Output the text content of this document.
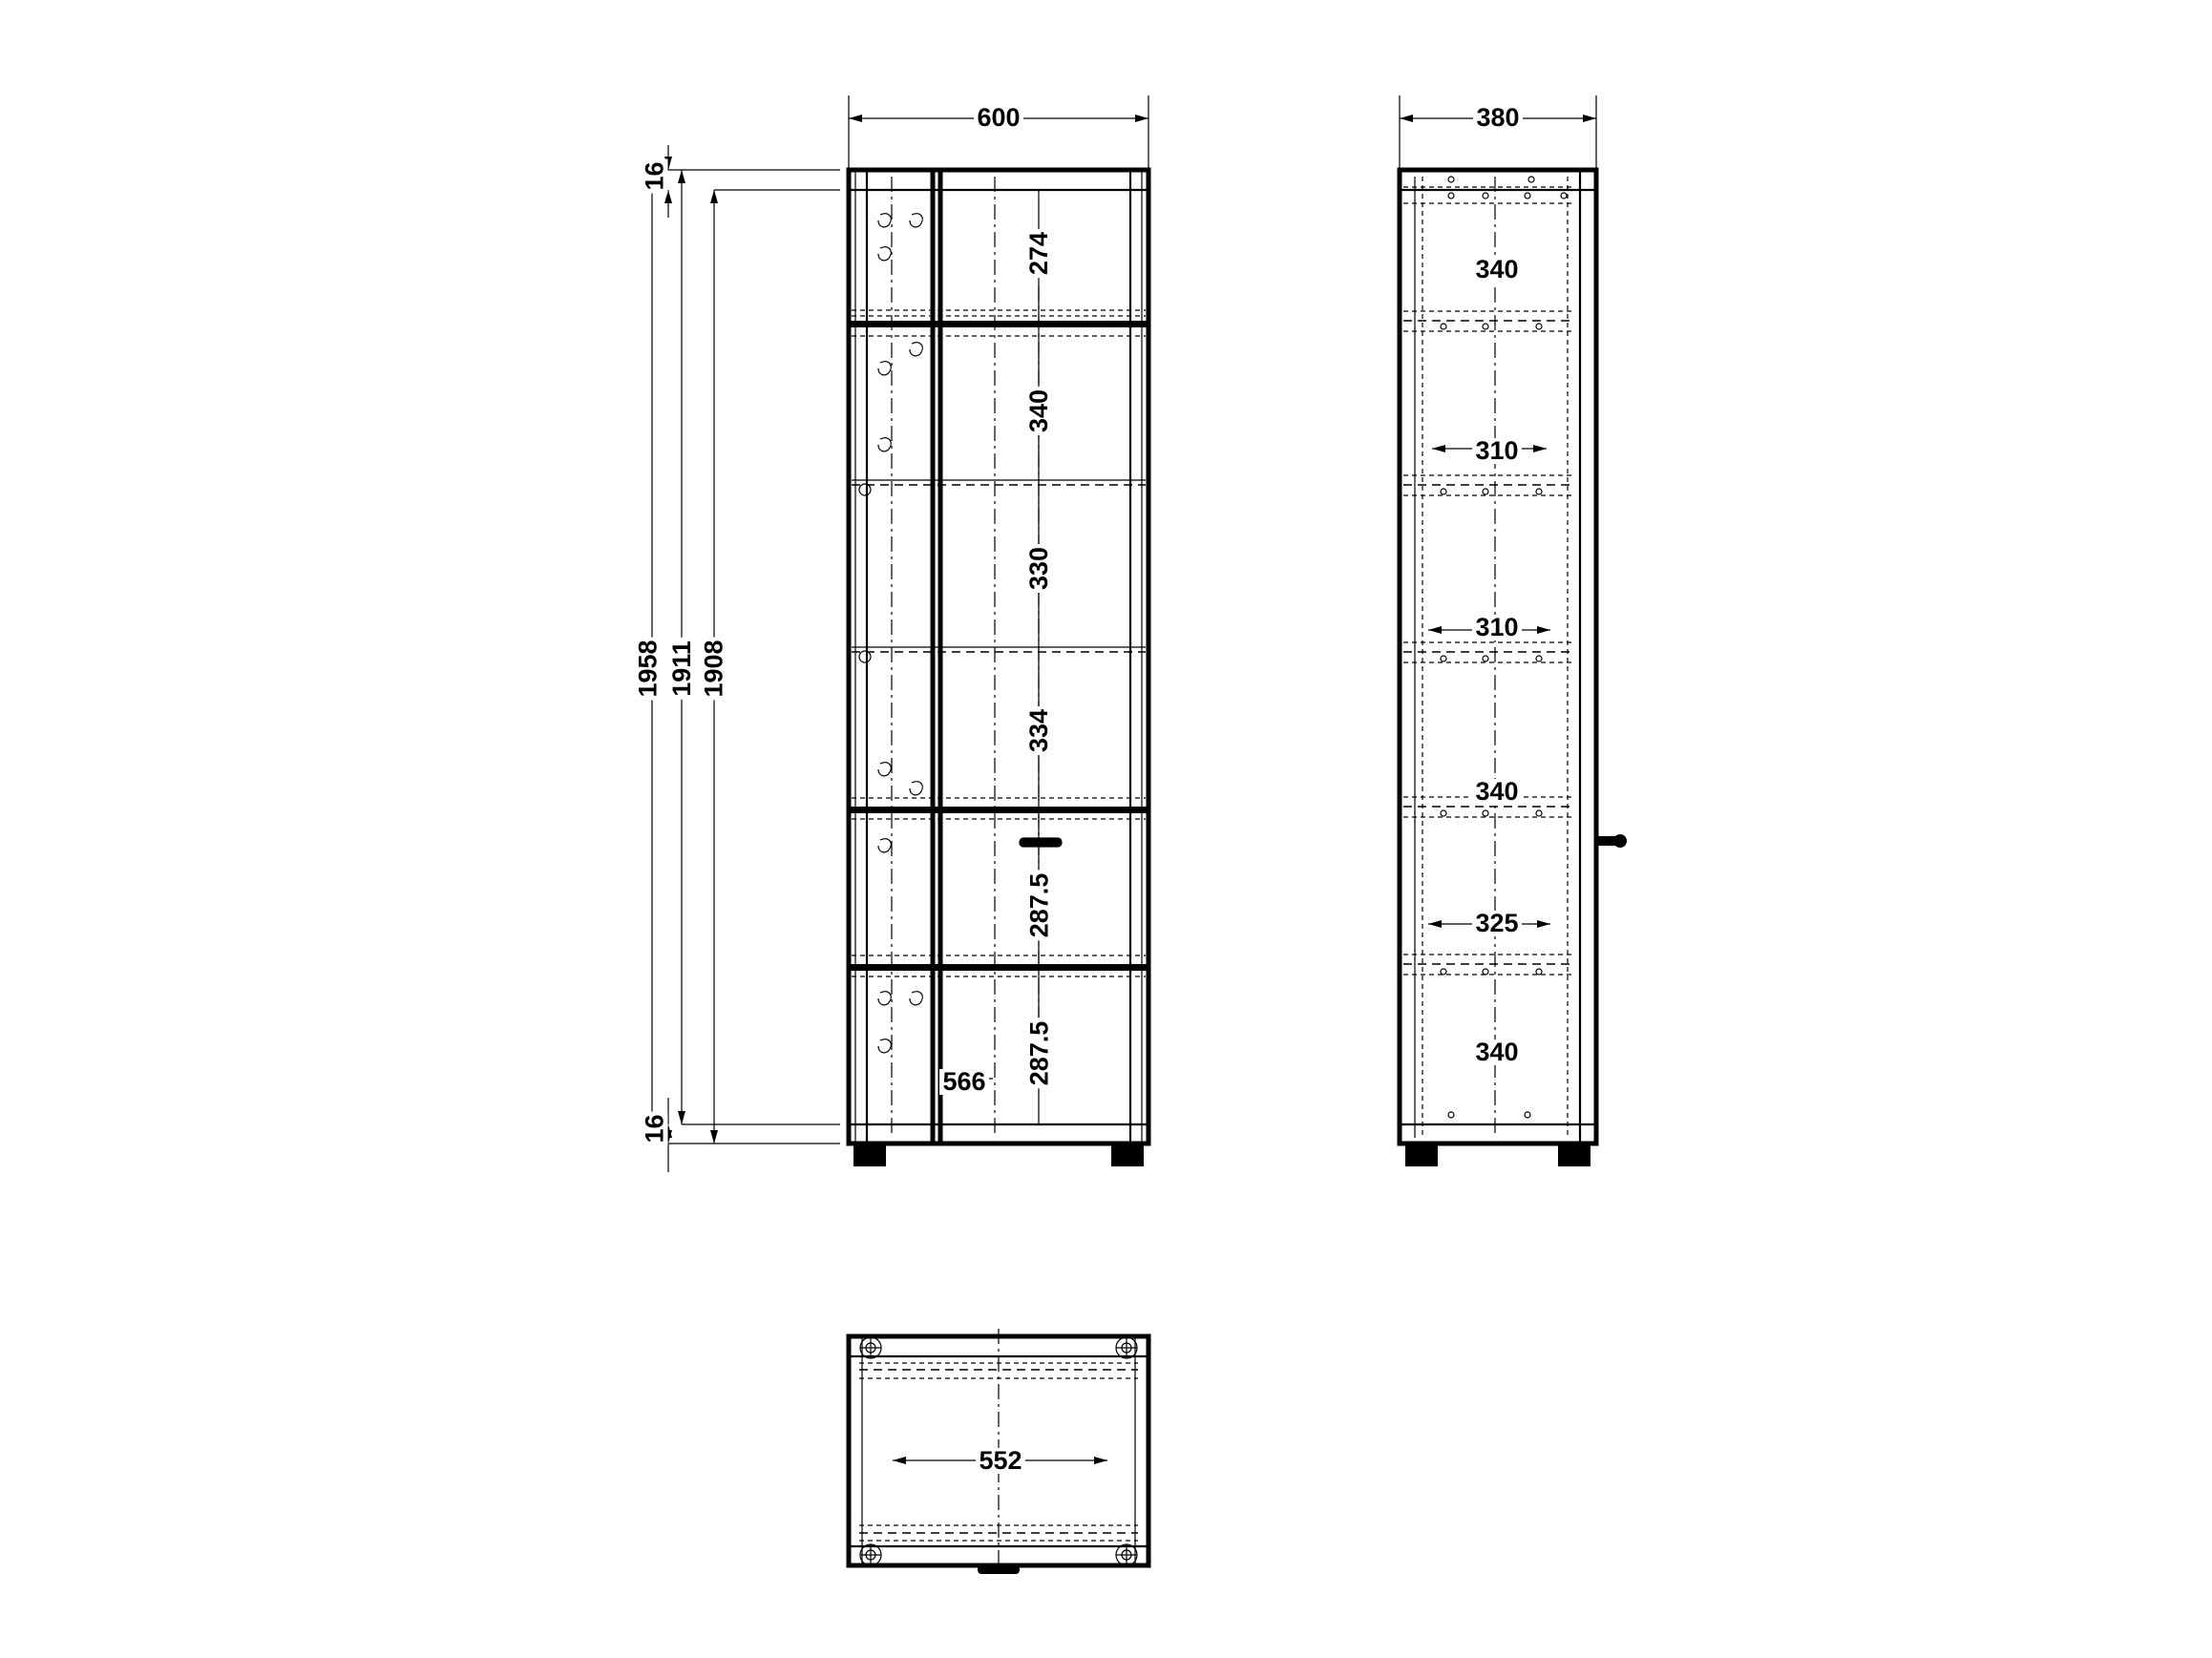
600
16
16
1958 1911 1908
566
274
340
330
334
287.5
287.5
380
340
310
310
340
325
340
552
